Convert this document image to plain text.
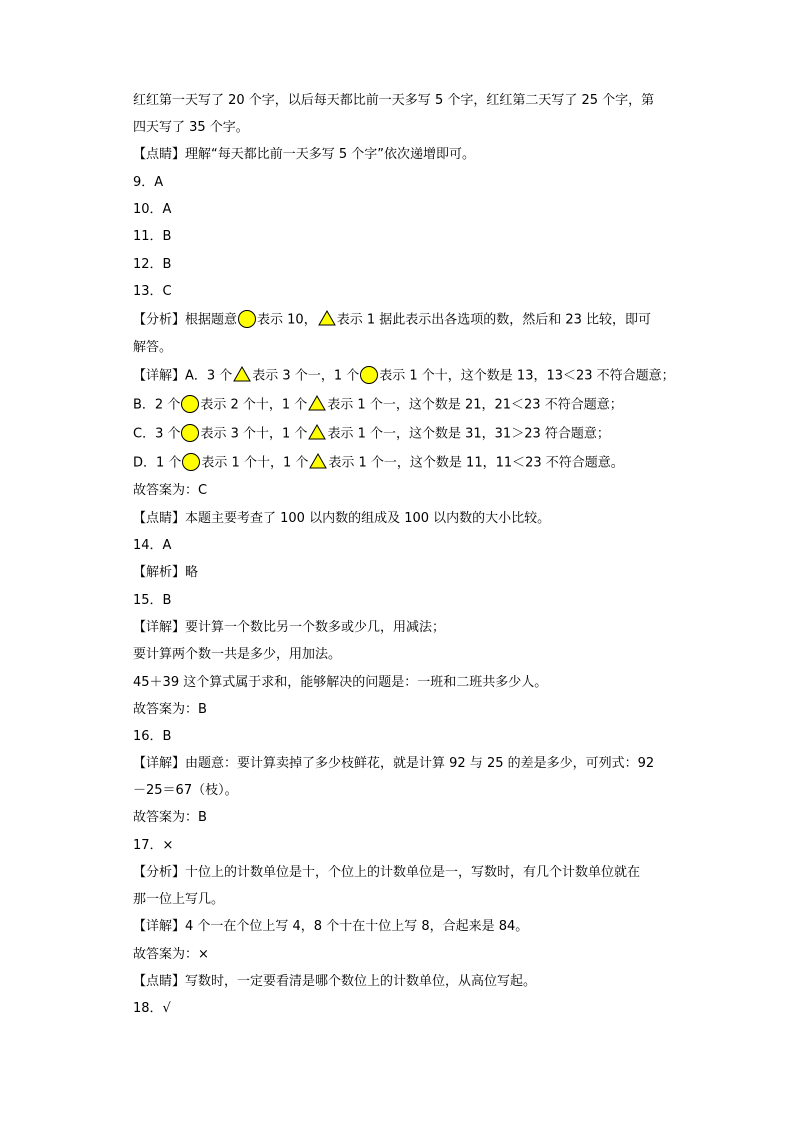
红红第一天写了 20 个字，以后每天都比前一天多写 5 个字，红红第二天写了 25 个字，第
四天写了 35 个字。
【点睛】理解“每天都比前一天多写 5 个字”依次递增即可。
9．A
10．A
11．B
12．B
13．C
【分析】根据题意 表示 10， 表示 1 据此表示出各选项的数，然后和 23 比较，即可
解答。
【详解】A．3 个 表示 3 个一，1 个 表示 1 个十，这个数是 13，13＜23 不符合题意；
B．2 个 表示 2 个十，1 个 表示 1 个一，这个数是 21，21＜23 不符合题意；
C．3 个 表示 3 个十，1 个 表示 1 个一，这个数是 31，31＞23 符合题意；
D．1 个 表示 1 个十，1 个 表示 1 个一，这个数是 11，11＜23 不符合题意。
故答案为：C
【点睛】本题主要考查了 100 以内数的组成及 100 以内数的大小比较。
14．A
【解析】略
15．B
【详解】要计算一个数比另一个数多或少几，用减法；
要计算两个数一共是多少，用加法。
45＋39 这个算式属于求和，能够解决的问题是：一班和二班共多少人。
故答案为：B
16．B
【详解】由题意：要计算卖掉了多少枝鲜花，就是计算 92 与 25 的差是多少，可列式：92
－25＝67（枝）。
故答案为：B
17．×
【分析】十位上的计数单位是十，个位上的计数单位是一，写数时，有几个计数单位就在
那一位上写几。
【详解】4 个一在个位上写 4，8 个十在十位上写 8，合起来是 84。
故答案为：×
【点睛】写数时，一定要看清是哪个数位上的计数单位，从高位写起。
18．√
